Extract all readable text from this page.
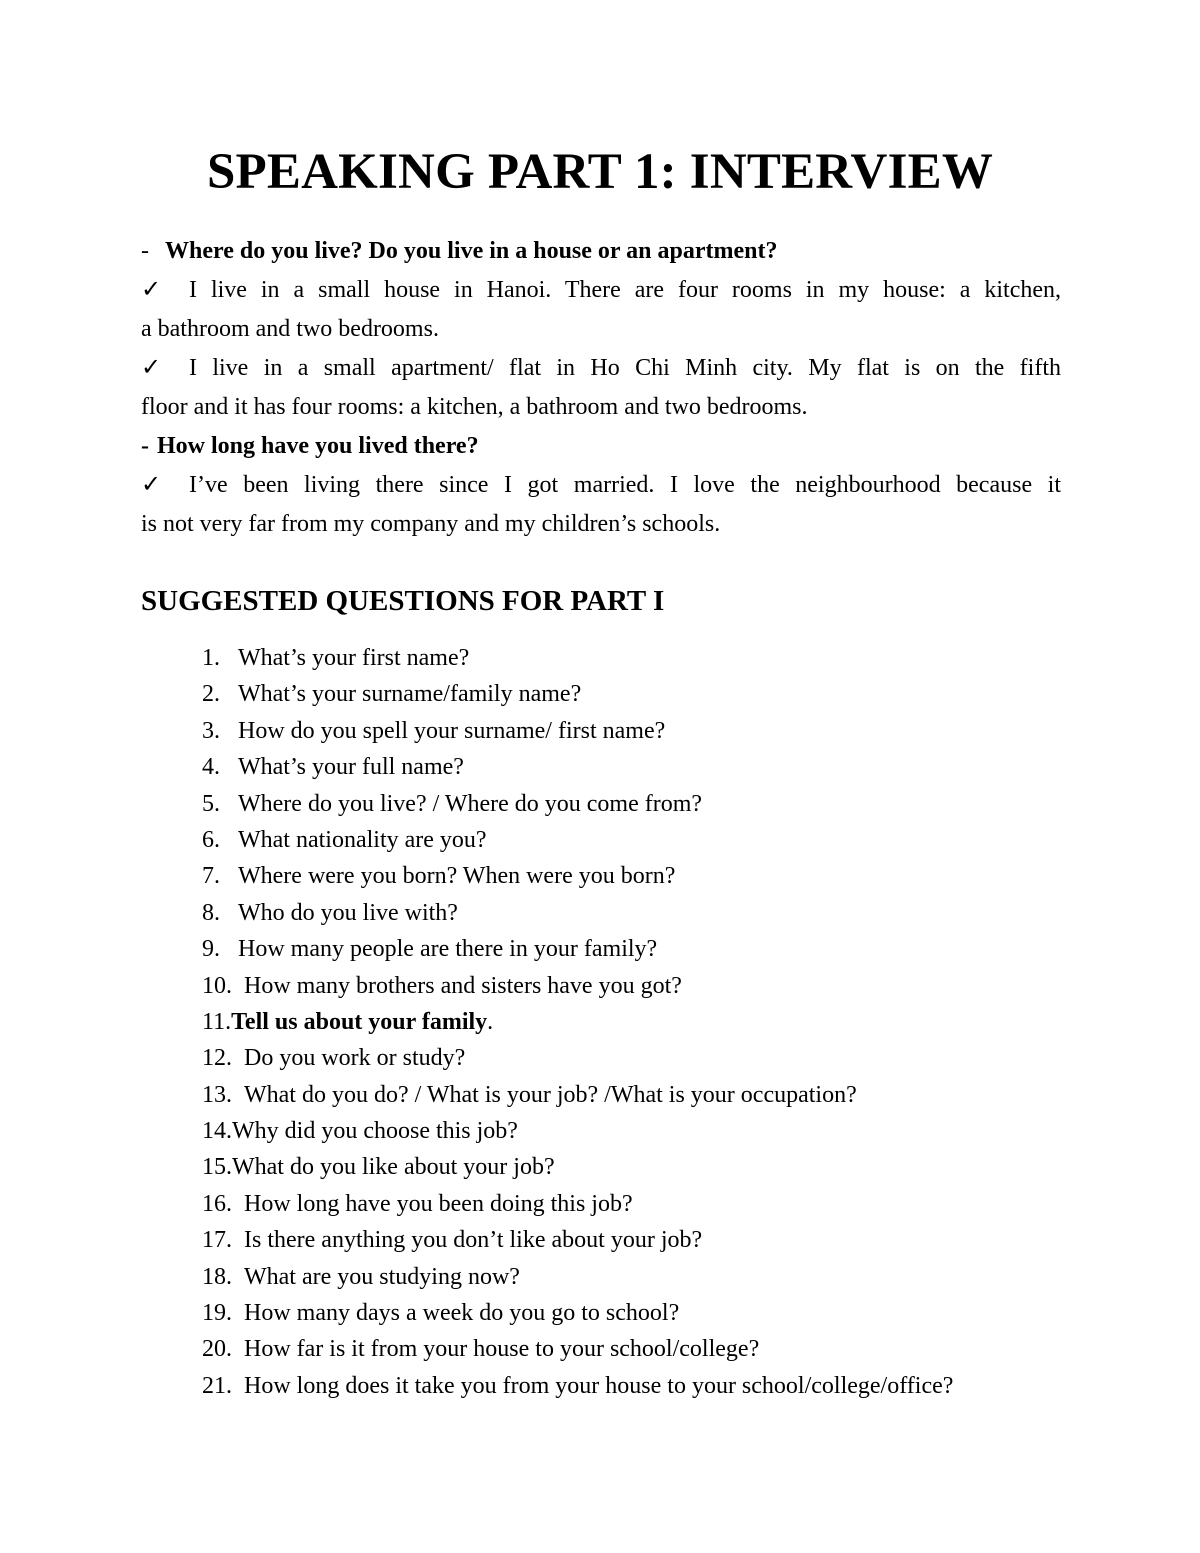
SPEAKING PART 1: INTERVIEW
- Where do you live? Do you live in a house or an apartment?
✓ I live in a small house in Hanoi. There are four rooms in my house: a kitchen,
a bathroom and two bedrooms.
✓ I live in a small apartment/ flat in Ho Chi Minh city. My flat is on the fifth
floor and it has four rooms: a kitchen, a bathroom and two bedrooms.
- How long have you lived there?
✓ I’ve been living there since I got married. I love the neighbourhood because it
is not very far from my company and my children’s schools.
SUGGESTED QUESTIONS FOR PART I
1. What’s your first name?
2. What’s your surname/family name?
3. How do you spell your surname/ first name?
4. What’s your full name?
5. Where do you live? / Where do you come from?
6. What nationality are you?
7. Where were you born? When were you born?
8. Who do you live with?
9. How many people are there in your family?
10. How many brothers and sisters have you got?
11.Tell us about your family.
12. Do you work or study?
13. What do you do? / What is your job? /What is your occupation?
14.Why did you choose this job?
15.What do you like about your job?
16. How long have you been doing this job?
17. Is there anything you don’t like about your job?
18. What are you studying now?
19. How many days a week do you go to school?
20. How far is it from your house to your school/college?
21. How long does it take you from your house to your school/college/office?
